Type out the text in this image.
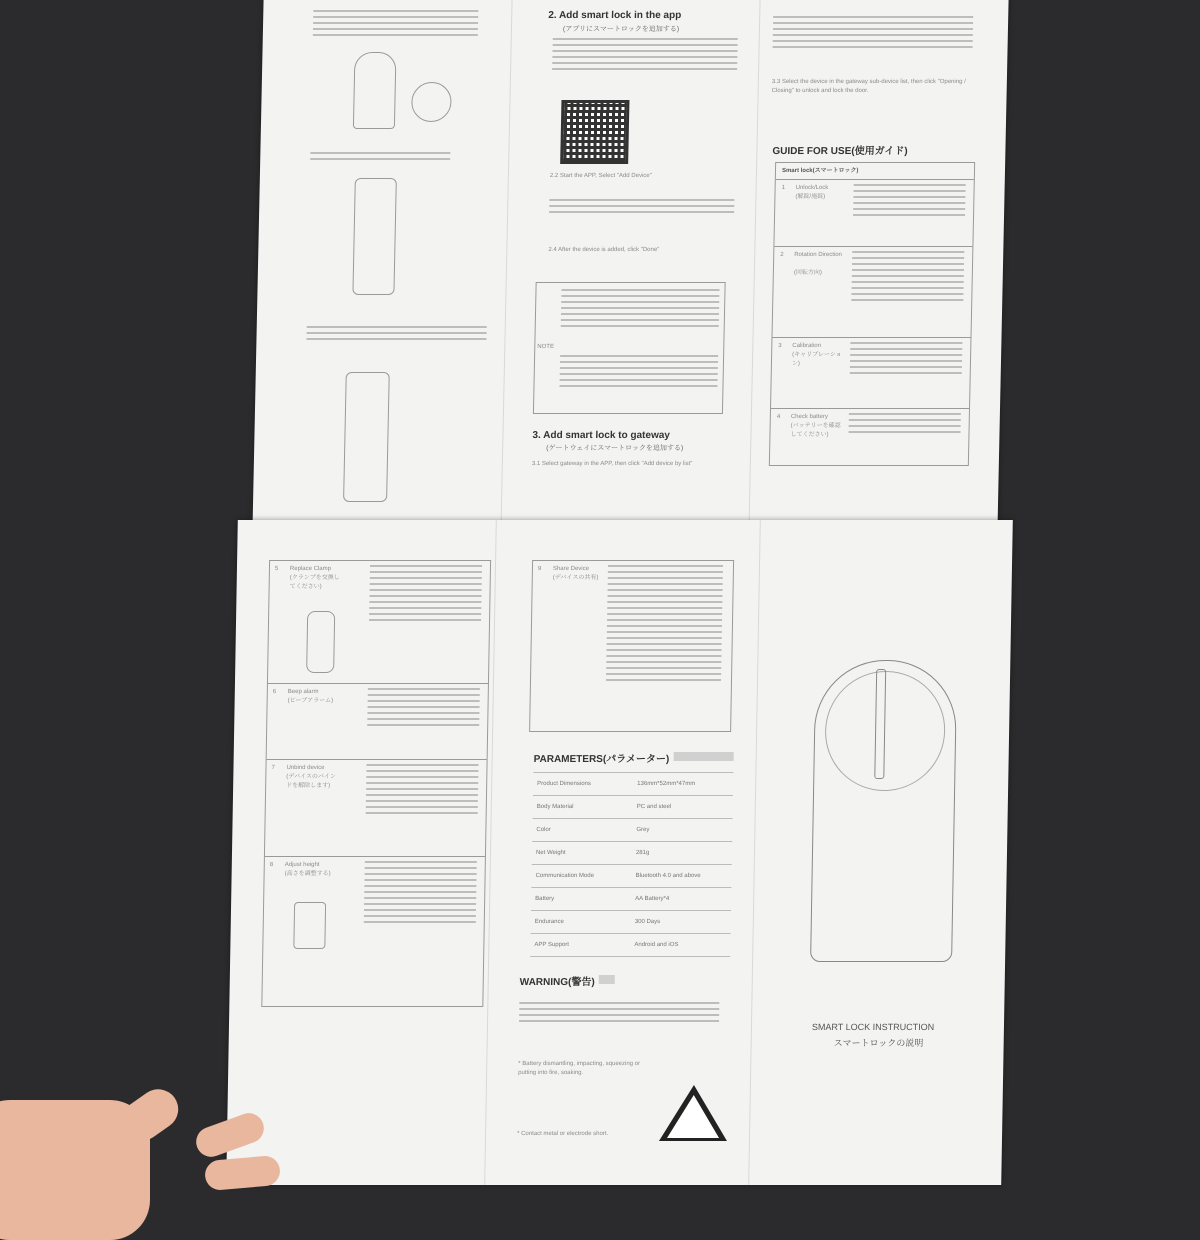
2. Add smart lock in the app
(アプリにスマートロックを追加する)
2.2 Start the APP, Select "Add Device"
2.4 After the device is added, click "Done"
NOTE
3. Add smart lock to gateway
(ゲートウェイにスマートロックを追加する)
3.1 Select gateway in the APP, then click "Add device by list"
3.3 Select the device in the gateway sub-device list, then click "Opening / Closing" to unlock and lock the door.
GUIDE FOR USE(使用ガイド)
Smart lock(スマートロック)
1 Unlock/Lock
(解錠/施錠)
2 Rotation Direction
(回転方向)
3 Calibration
(キャリブレーション)
4 Check battery
(バッテリーを確認してください)
5 Replace Clamp
(クランプを交換してください)
6 Beep alarm
(ビープアラーム)
7 Unbind device
(デバイスのバインドを解除します)
8 Adjust height
(高さを調整する)
9 Share Device
(デバイスの共有)
PARAMETERS(パラメーター)
Product Dimensions	136mm*52mm*47mm
Body Material	PC and steel
Color	Grey
Net Weight	281g
Communication Mode	Bluetooth 4.0 and above
Battery	AA Battery*4
Endurance	300 Days
APP Support	Android and iOS
WARNING(警告)
* Battery dismantling, impacting, squeezing or putting into fire, soaking.
* Contact metal or electrode short.
SMART LOCK INSTRUCTION
スマートロックの説明
